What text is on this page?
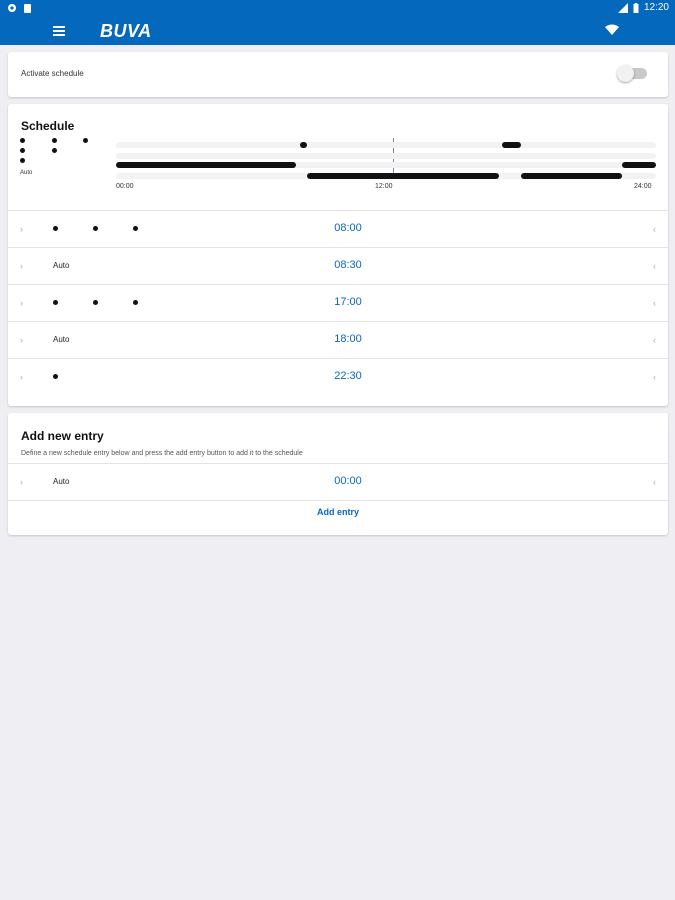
12:20
BUVA
Activate schedule
Schedule
Auto
00:00	12:00	24:00
›	08:00	‹
›	Auto	08:30	‹
›	17:00	‹
›	Auto	18:00	‹
›	22:30	‹
Add new entry
Define a new schedule entry below and press the add entry button to add it to the schedule
›	Auto	00:00	‹
Add entry
